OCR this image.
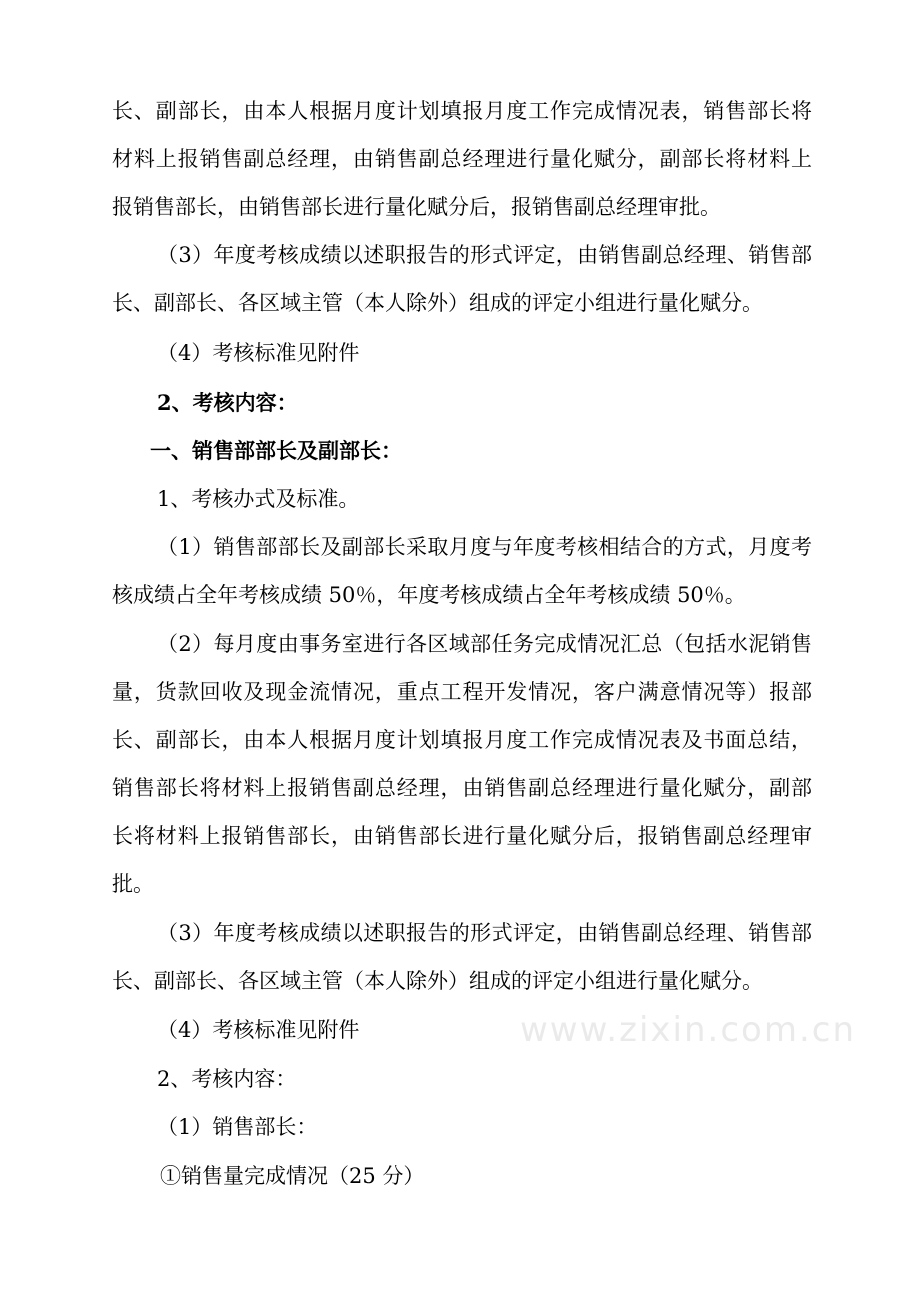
长、副部长，由本人根据月度计划填报月度工作完成情况表，销售部长将
材料上报销售副总经理，由销售副总经理进行量化赋分，副部长将材料上
报销售部长，由销售部长进行量化赋分后，报销售副总经理审批。
（3）年度考核成绩以述职报告的形式评定，由销售副总经理、销售部
长、副部长、各区域主管（本人除外）组成的评定小组进行量化赋分。
（4）考核标准见附件
2、考核内容：
一、销售部部长及副部长：
1、考核办式及标准。
（1）销售部部长及副部长采取月度与年度考核相结合的方式，月度考
核成绩占全年考核成绩 50％，年度考核成绩占全年考核成绩 50％。
（2）每月度由事务室进行各区域部任务完成情况汇总（包括水泥销售
量，货款回收及现金流情况，重点工程开发情况，客户满意情况等）报部
长、副部长，由本人根据月度计划填报月度工作完成情况表及书面总结，
销售部长将材料上报销售副总经理，由销售副总经理进行量化赋分，副部
长将材料上报销售部长，由销售部长进行量化赋分后，报销售副总经理审
批。
（3）年度考核成绩以述职报告的形式评定，由销售副总经理、销售部
长、副部长、各区域主管（本人除外）组成的评定小组进行量化赋分。
（4）考核标准见附件
2、考核内容：
（1）销售部长：
①销售量完成情况（25 分）
www.zixin.com.cn
